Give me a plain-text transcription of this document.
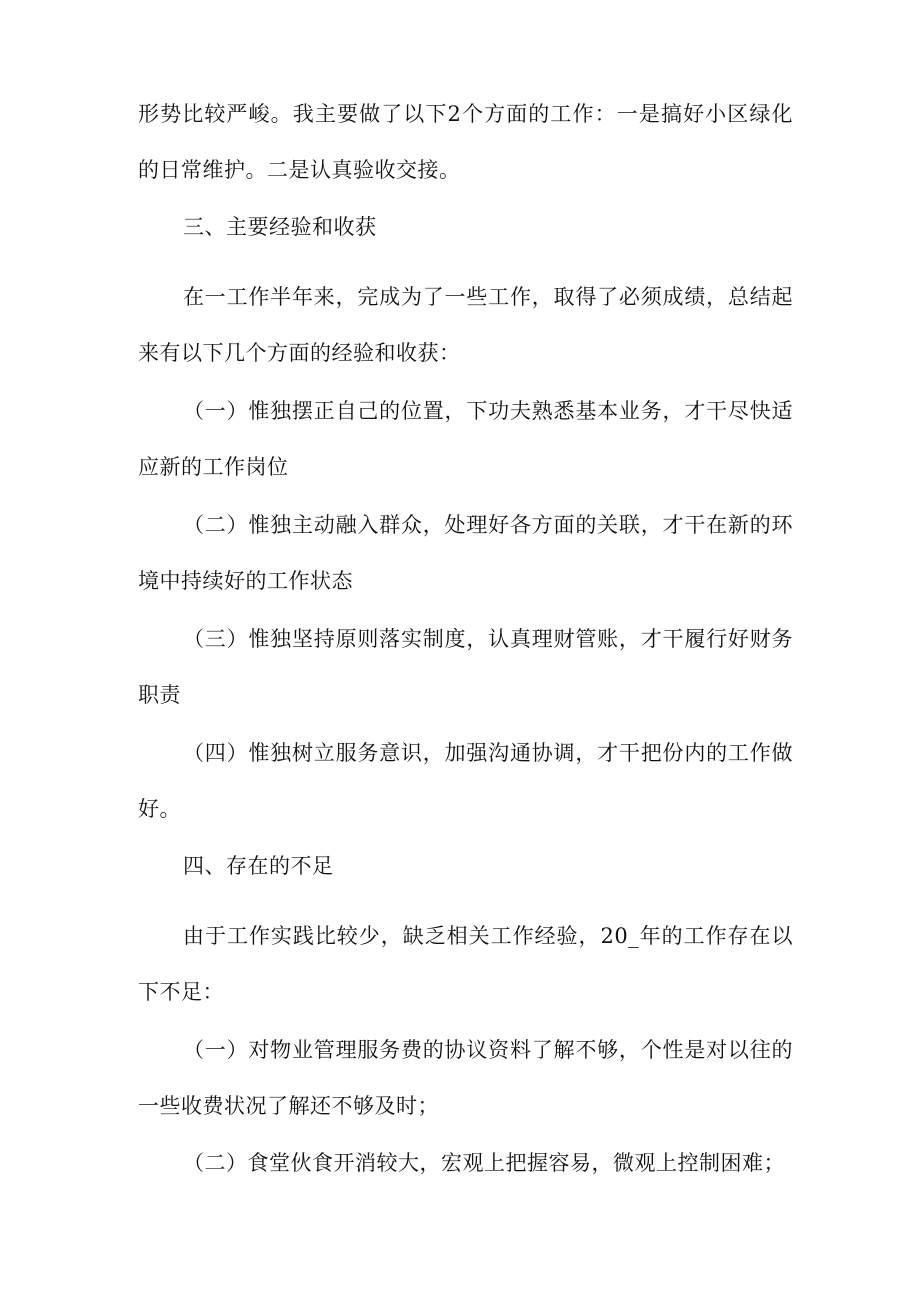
形势比较严峻。我主要做了以下2个方面的工作：一是搞好小区绿化的日常维护。二是认真验收交接。

三、主要经验和收获

在一工作半年来，完成为了一些工作，取得了必须成绩，总结起来有以下几个方面的经验和收获：

（一）惟独摆正自己的位置，下功夫熟悉基本业务，才干尽快适应新的工作岗位

（二）惟独主动融入群众，处理好各方面的关联，才干在新的环境中持续好的工作状态

（三）惟独坚持原则落实制度，认真理财管账，才干履行好财务职责

（四）惟独树立服务意识，加强沟通协调，才干把份内的工作做好。

四、存在的不足

由于工作实践比较少，缺乏相关工作经验，20_年的工作存在以下不足：

（一）对物业管理服务费的协议资料了解不够，个性是对以往的一些收费状况了解还不够及时；

（二）食堂伙食开消较大，宏观上把握容易，微观上控制困难；
